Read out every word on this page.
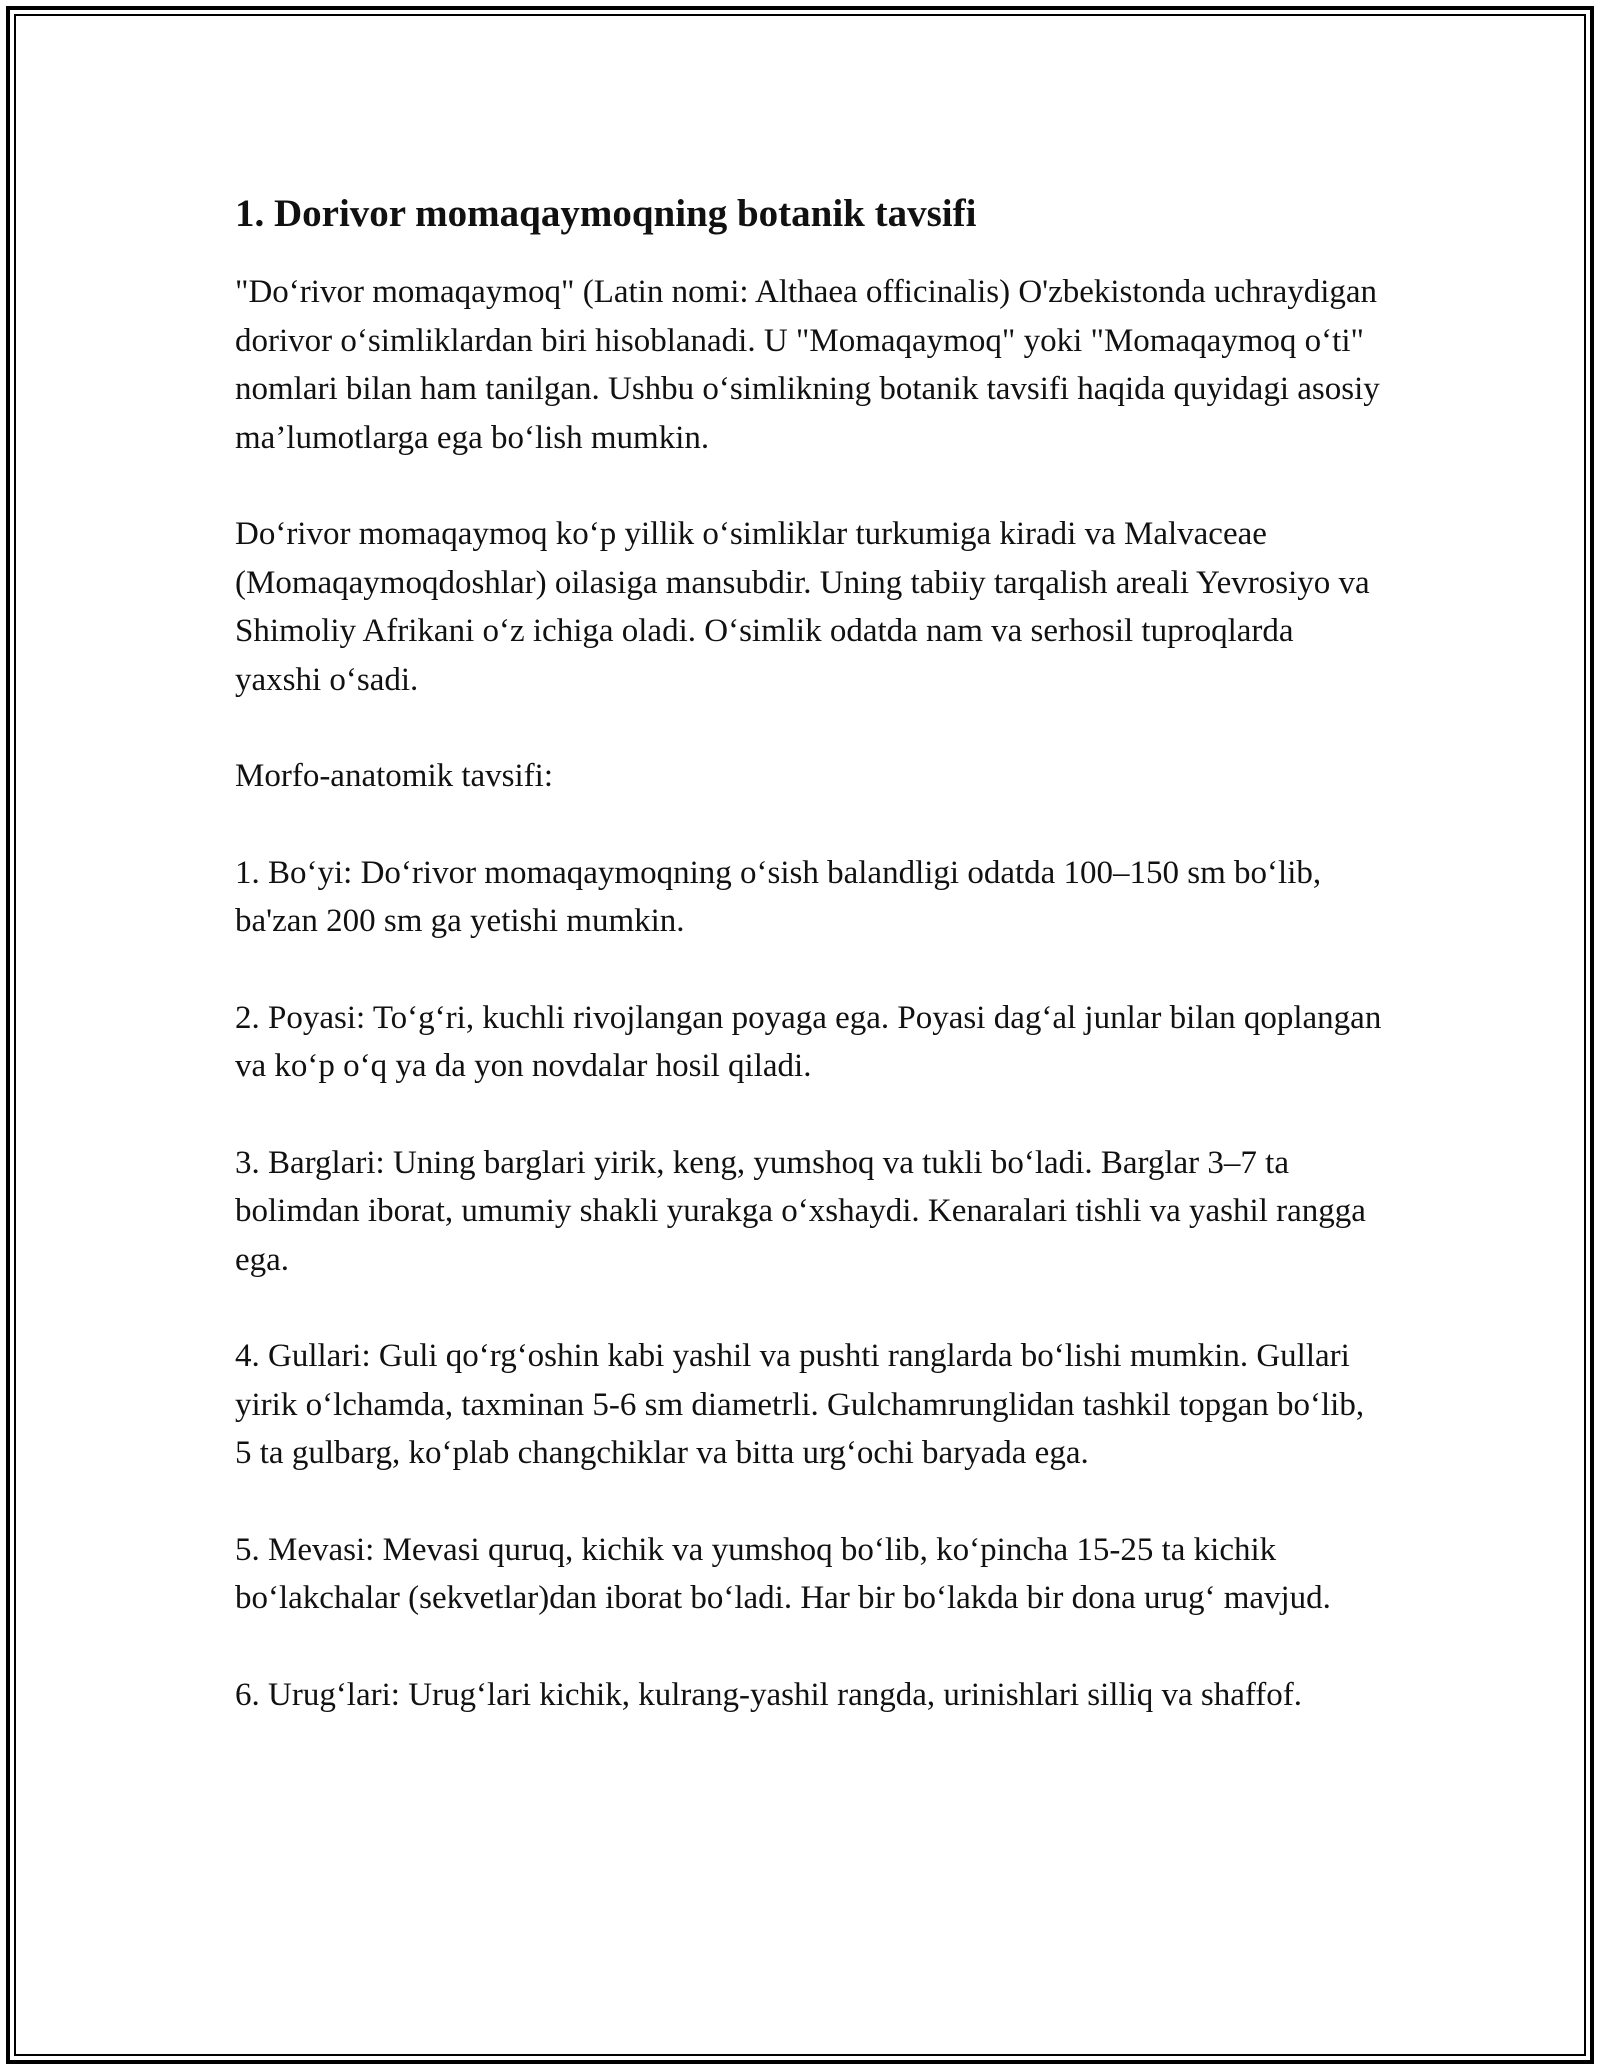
1. Dorivor momaqaymoqning botanik tavsifi

"Do‘rivor momaqaymoq" (Latin nomi: Althaea officinalis) O'zbekistonda uchraydigan dorivor o‘simliklardan biri hisoblanadi. U "Momaqaymoq" yoki "Momaqaymoq o‘ti" nomlari bilan ham tanilgan. Ushbu o‘simlikning botanik tavsifi haqida quyidagi asosiy ma’lumotlarga ega bo‘lish mumkin.

Do‘rivor momaqaymoq ko‘p yillik o‘simliklar turkumiga kiradi va Malvaceae (Momaqaymoqdoshlar) oilasiga mansubdir. Uning tabiiy tarqalish areali Yevrosiyo va Shimoliy Afrikani o‘z ichiga oladi. O‘simlik odatda nam va serhosil tuproqlarda yaxshi o‘sadi.

Morfo-anatomik tavsifi:

1. Bo‘yi: Do‘rivor momaqaymoqning o‘sish balandligi odatda 100–150 sm bo‘lib, ba'zan 200 sm ga yetishi mumkin.

2. Poyasi: To‘g‘ri, kuchli rivojlangan poyaga ega. Poyasi dag‘al junlar bilan qoplangan va ko‘p o‘q ya da yon novdalar hosil qiladi.

3. Barglari: Uning barglari yirik, keng, yumshoq va tukli bo‘ladi. Barglar 3–7 ta bolimdan iborat, umumiy shakli yurakga o‘xshaydi. Kenaralari tishli va yashil rangga ega.

4. Gullari: Guli qo‘rg‘oshin kabi yashil va pushti ranglarda bo‘lishi mumkin. Gullari yirik o‘lchamda, taxminan 5-6 sm diametrli. Gulchamrunglidan tashkil topgan bo‘lib, 5 ta gulbarg, ko‘plab changchiklar va bitta urg‘ochi baryada ega.

5. Mevasi: Mevasi quruq, kichik va yumshoq bo‘lib, ko‘pincha 15-25 ta kichik bo‘lakchalar (sekvetlar)dan iborat bo‘ladi. Har bir bo‘lakda bir dona urug‘ mavjud.

6. Urug‘lari: Urug‘lari kichik, kulrang-yashil rangda, urinishlari silliq va shaffof.
